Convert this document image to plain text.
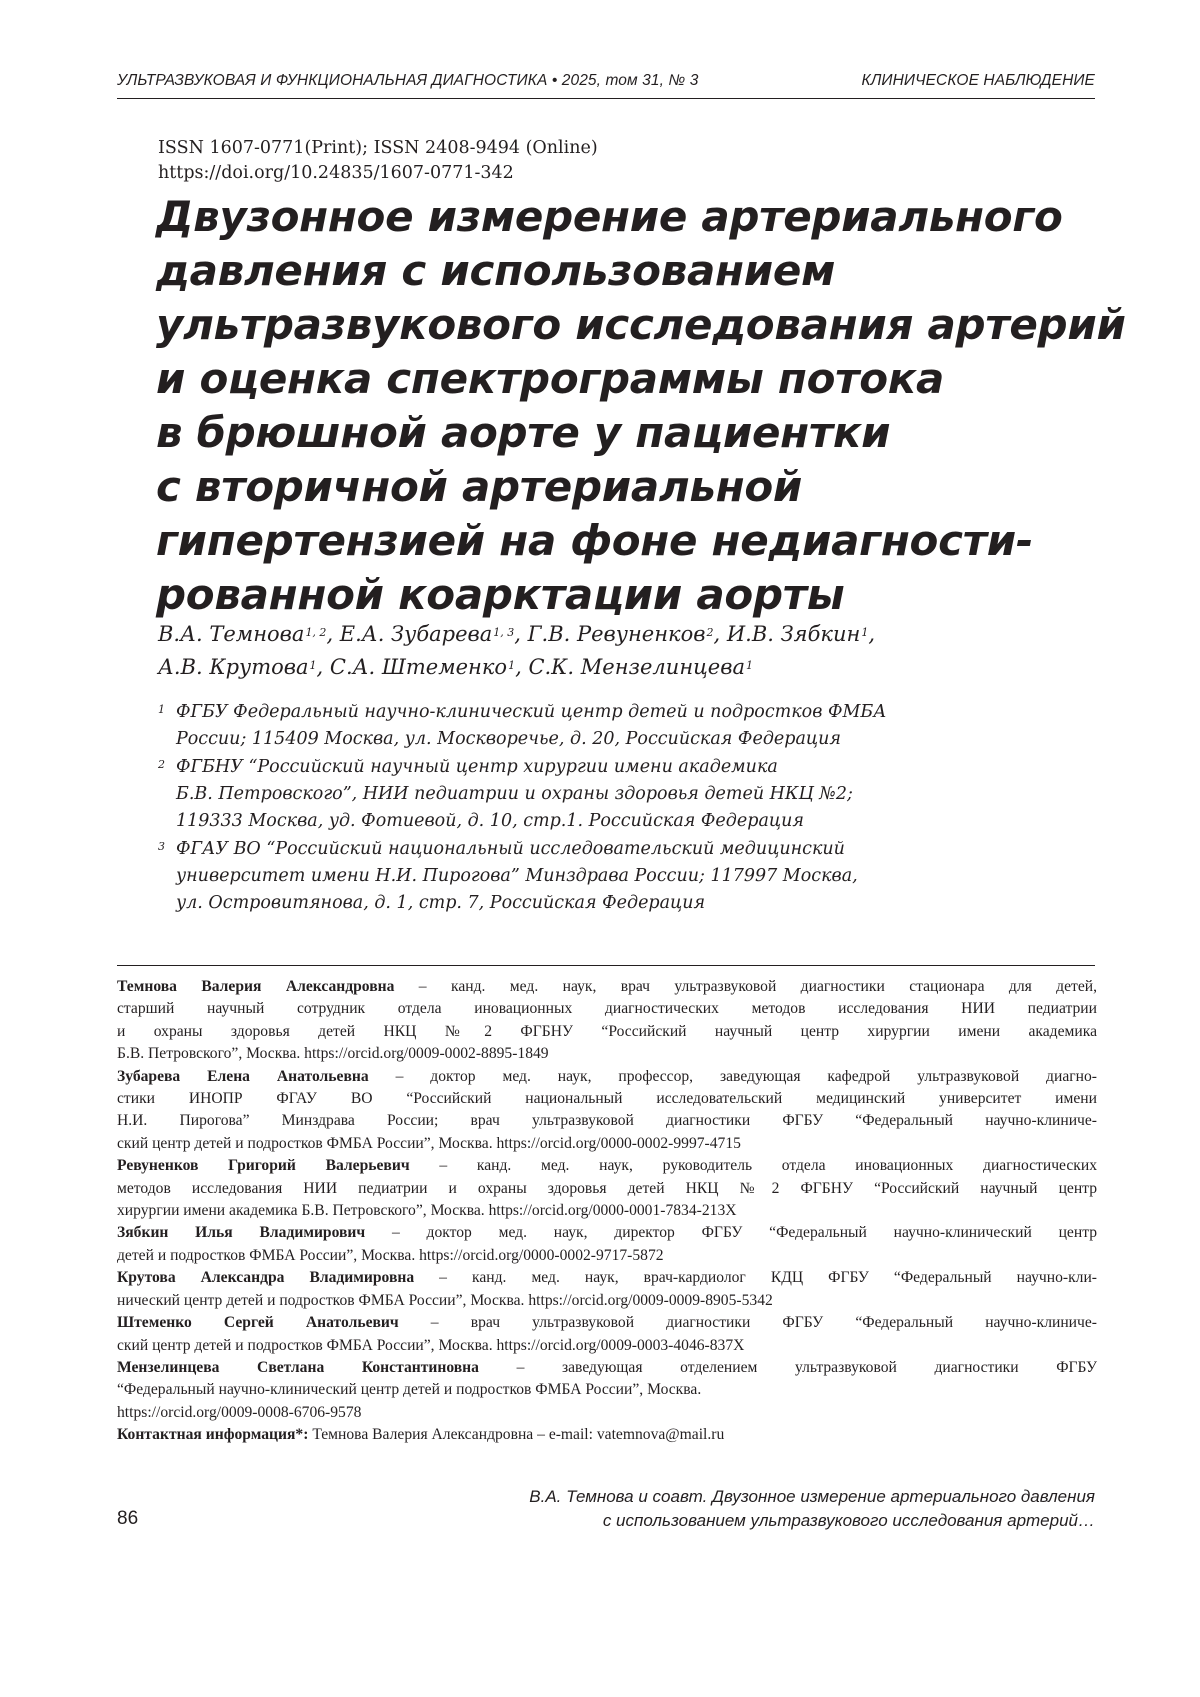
УЛЬТРАЗВУКОВАЯ И ФУНКЦИОНАЛЬНАЯ ДИАГНОСТИКА • 2025, том 31, № 3	КЛИНИЧЕСКОЕ НАБЛЮДЕНИЕ
ISSN 1607-0771(Print); ISSN 2408-9494 (Online)
https://doi.org/10.24835/1607-0771-342
Двузонное измерение артериального
давления с использованием
ультразвукового исследования артерий
и оценка спектрограммы потока
в брюшной аорте у пациентки
с вторичной артериальной
гипертензией на фоне недиагности-
рованной коарктации аорты
В.А. Темнова1, 2, Е.А. Зубарева1, 3, Г.В. Ревуненков2, И.В. Зябкин1,
А.В. Крутова1, С.А. Штеменко1, С.К. Мензелинцева1
1 ФГБУ Федеральный научно-клинический центр детей и подростков ФМБА
России; 115409 Москва, ул. Москворечье, д. 20, Российская Федерация
2 ФГБНУ “Российский научный центр хирургии имени академика
Б.В. Петровского”, НИИ педиатрии и охраны здоровья детей НКЦ №2;
119333 Москва, уд. Фотиевой, д. 10, стр.1. Российская Федерация
3 ФГАУ ВО “Российский национальный исследовательский медицинский
университет имени Н.И. Пирогова” Минздрава России; 117997 Москва,
ул. Островитянова, д. 1, стр. 7, Российская Федерация
Темнова Валерия Александровна – канд. мед. наук, врач ультразвуковой диагностики стационара для детей,
старший научный сотрудник отдела иновационных диагностических методов исследования НИИ педиатрии
и охраны здоровья детей НКЦ №2 ФГБНУ “Российский научный центр хирургии имени академика
Б.В. Петровского”, Москва. https://orcid.org/0009-0002-8895-1849
Зубарева Елена Анатольевна – доктор мед. наук, профессор, заведующая кафедрой ультразвуковой диагно-
стики ИНОПР ФГАУ ВО “Российский национальный исследовательский медицинский университет имени
Н.И. Пирогова” Минздрава России; врач ультразвуковой диагностики ФГБУ “Федеральный научно-клиниче-
ский центр детей и подростков ФМБА России”, Москва. https://orcid.org/0000-0002-9997-4715
Ревуненков Григорий Валерьевич – канд. мед. наук, руководитель отдела иновационных диагностических
методов исследования НИИ педиатрии и охраны здоровья детей НКЦ №2 ФГБНУ “Российский научный центр
хирургии имени академика Б.В. Петровского”, Москва. https://orcid.org/0000-0001-7834-213X
Зябкин Илья Владимирович – доктор мед. наук, директор ФГБУ “Федеральный научно-клинический центр
детей и подростков ФМБА России”, Москва. https://orcid.org/0000-0002-9717-5872
Крутова Александра Владимировна – канд. мед. наук, врач-кардиолог КДЦ ФГБУ “Федеральный научно-кли-
нический центр детей и подростков ФМБА России”, Москва. https://orcid.org/0009-0009-8905-5342
Штеменко Сергей Анатольевич – врач ультразвуковой диагностики ФГБУ “Федеральный научно-клиниче-
ский центр детей и подростков ФМБА России”, Москва. https://orcid.org/0009-0003-4046-837X
Мензелинцева Светлана Константиновна – заведующая отделением ультразвуковой диагностики ФГБУ
“Федеральный научно-клинический центр детей и подростков ФМБА России”, Москва.
https://orcid.org/0009-0008-6706-9578
Контактная информация*: Темнова Валерия Александровна – e-mail: vatemnova@mail.ru
86
В.А. Темнова и соавт. Двузонное измерение артериального давления
с использованием ультразвукового исследования артерий…
